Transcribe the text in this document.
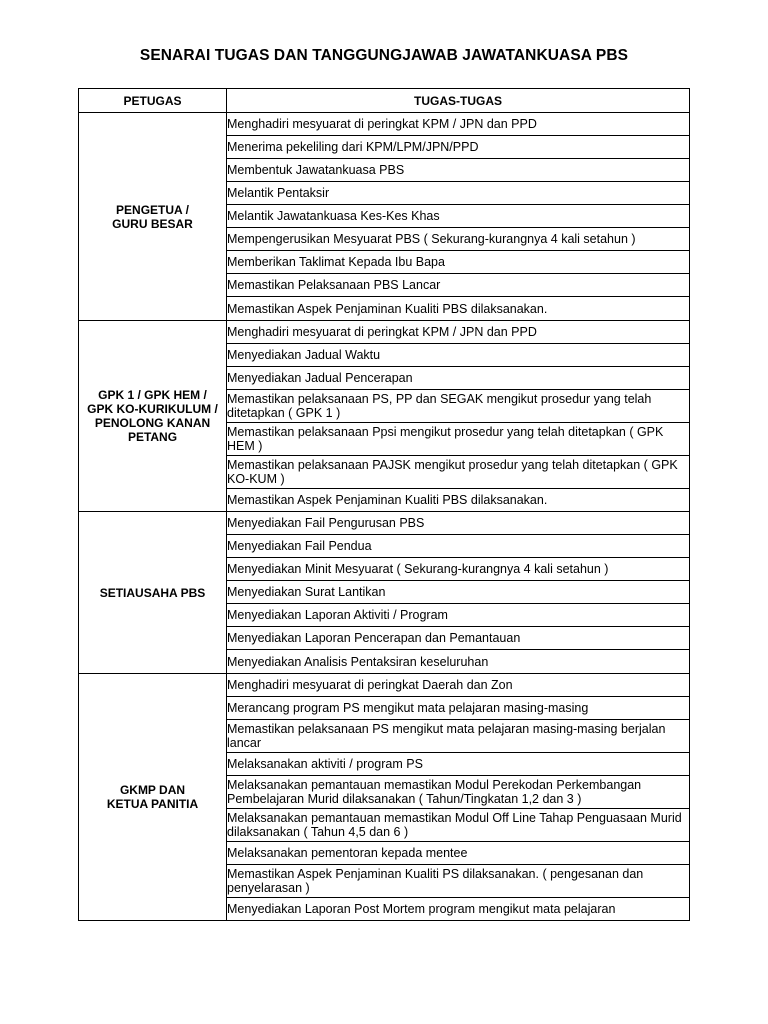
SENARAI TUGAS DAN TANGGUNGJAWAB JAWATANKUASA PBS
PETUGAS	TUGAS-TUGAS

PENGETUA /
GURU BESAR	Menghadiri mesyuarat di peringkat KPM / JPN dan PPD
	Menerima pekeliling dari KPM/LPM/JPN/PPD
	Membentuk Jawatankuasa PBS
	Melantik Pentaksir
	Melantik Jawatankuasa Kes-Kes Khas
	Mempengerusikan Mesyuarat PBS ( Sekurang-kurangnya 4 kali setahun )
	Memberikan Taklimat Kepada Ibu Bapa
	Memastikan Pelaksanaan PBS Lancar
	Memastikan Aspek Penjaminan Kualiti PBS dilaksanakan.

GPK 1 / GPK HEM /
GPK KO-KURIKULUM /
PENOLONG KANAN
PETANG	Menghadiri mesyuarat di peringkat KPM / JPN dan PPD
	Menyediakan Jadual Waktu
	Menyediakan Jadual Pencerapan
	Memastikan pelaksanaan PS, PP dan SEGAK mengikut prosedur yang telah ditetapkan ( GPK 1 )
	Memastikan pelaksanaan Ppsi mengikut prosedur yang telah ditetapkan ( GPK HEM )
	Memastikan pelaksanaan PAJSK mengikut prosedur yang telah ditetapkan ( GPK KO-KUM )
	Memastikan Aspek Penjaminan Kualiti PBS dilaksanakan.

SETIAUSAHA PBS	Menyediakan Fail Pengurusan PBS
	Menyediakan Fail Pendua
	Menyediakan Minit Mesyuarat ( Sekurang-kurangnya 4 kali setahun )
	Menyediakan Surat Lantikan
	Menyediakan Laporan Aktiviti / Program
	Menyediakan Laporan Pencerapan dan Pemantauan
	Menyediakan Analisis Pentaksiran keseluruhan

GKMP DAN
KETUA PANITIA	Menghadiri mesyuarat di peringkat Daerah dan Zon
	Merancang program PS mengikut mata pelajaran masing-masing
	Memastikan pelaksanaan PS mengikut mata pelajaran masing-masing berjalan lancar
	Melaksanakan aktiviti / program PS
	Melaksanakan pemantauan memastikan Modul Perekodan Perkembangan Pembelajaran Murid dilaksanakan ( Tahun/Tingkatan 1,2 dan 3 )
	Melaksanakan pemantauan memastikan Modul Off Line Tahap Penguasaan Murid dilaksanakan ( Tahun 4,5 dan 6 )
	Melaksanakan pementoran kepada mentee
	Memastikan Aspek Penjaminan Kualiti PS dilaksanakan. ( pengesanan dan penyelarasan )
	Menyediakan Laporan Post Mortem program mengikut mata pelajaran
